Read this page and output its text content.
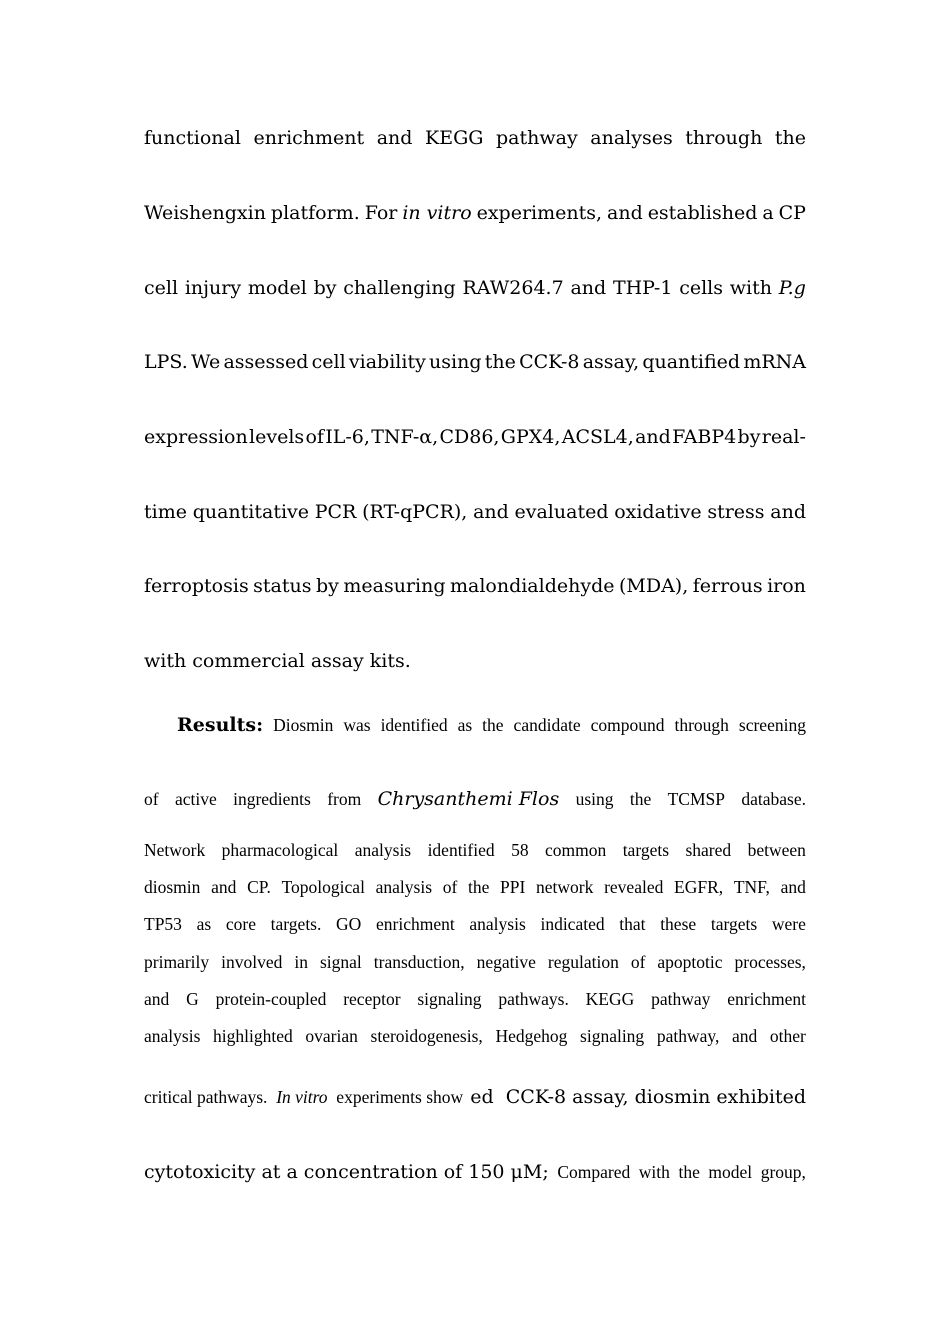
functional enrichment and KEGG pathway analyses through the
Weishengxin platform. For in vitro experiments, and established a CP
cell injury model by challenging RAW264.7 and THP-1 cells with P.g
LPS. We assessed cell viability using the CCK-8 assay, quantified mRNA
expression levels of IL-6, TNF-α, CD86, GPX4, ACSL4, and FABP4 by real-
time quantitative PCR (RT-qPCR), and evaluated oxidative stress and
ferroptosis status by measuring malondialdehyde (MDA), ferrous iron
with commercial assay kits.
Results: Diosmin was identified as the candidate compound through screening
of active ingredients from Chrysanthemi Flos using the TCMSP database.
Network pharmacological analysis identified 58 common targets shared between
diosmin and CP. Topological analysis of the PPI network revealed EGFR, TNF, and
TP53 as core targets. GO enrichment analysis indicated that these targets were
primarily involved in signal transduction, negative regulation of apoptotic processes,
and G protein-coupled receptor signaling pathways. KEGG pathway enrichment
analysis highlighted ovarian steroidogenesis, Hedgehog signaling pathway, and other
critical pathways.
In vitro
experiments show ed  CCK-8 assay, diosmin exhibited
cytotoxicity at a concentration of 150 μM; Compared with the model group,
